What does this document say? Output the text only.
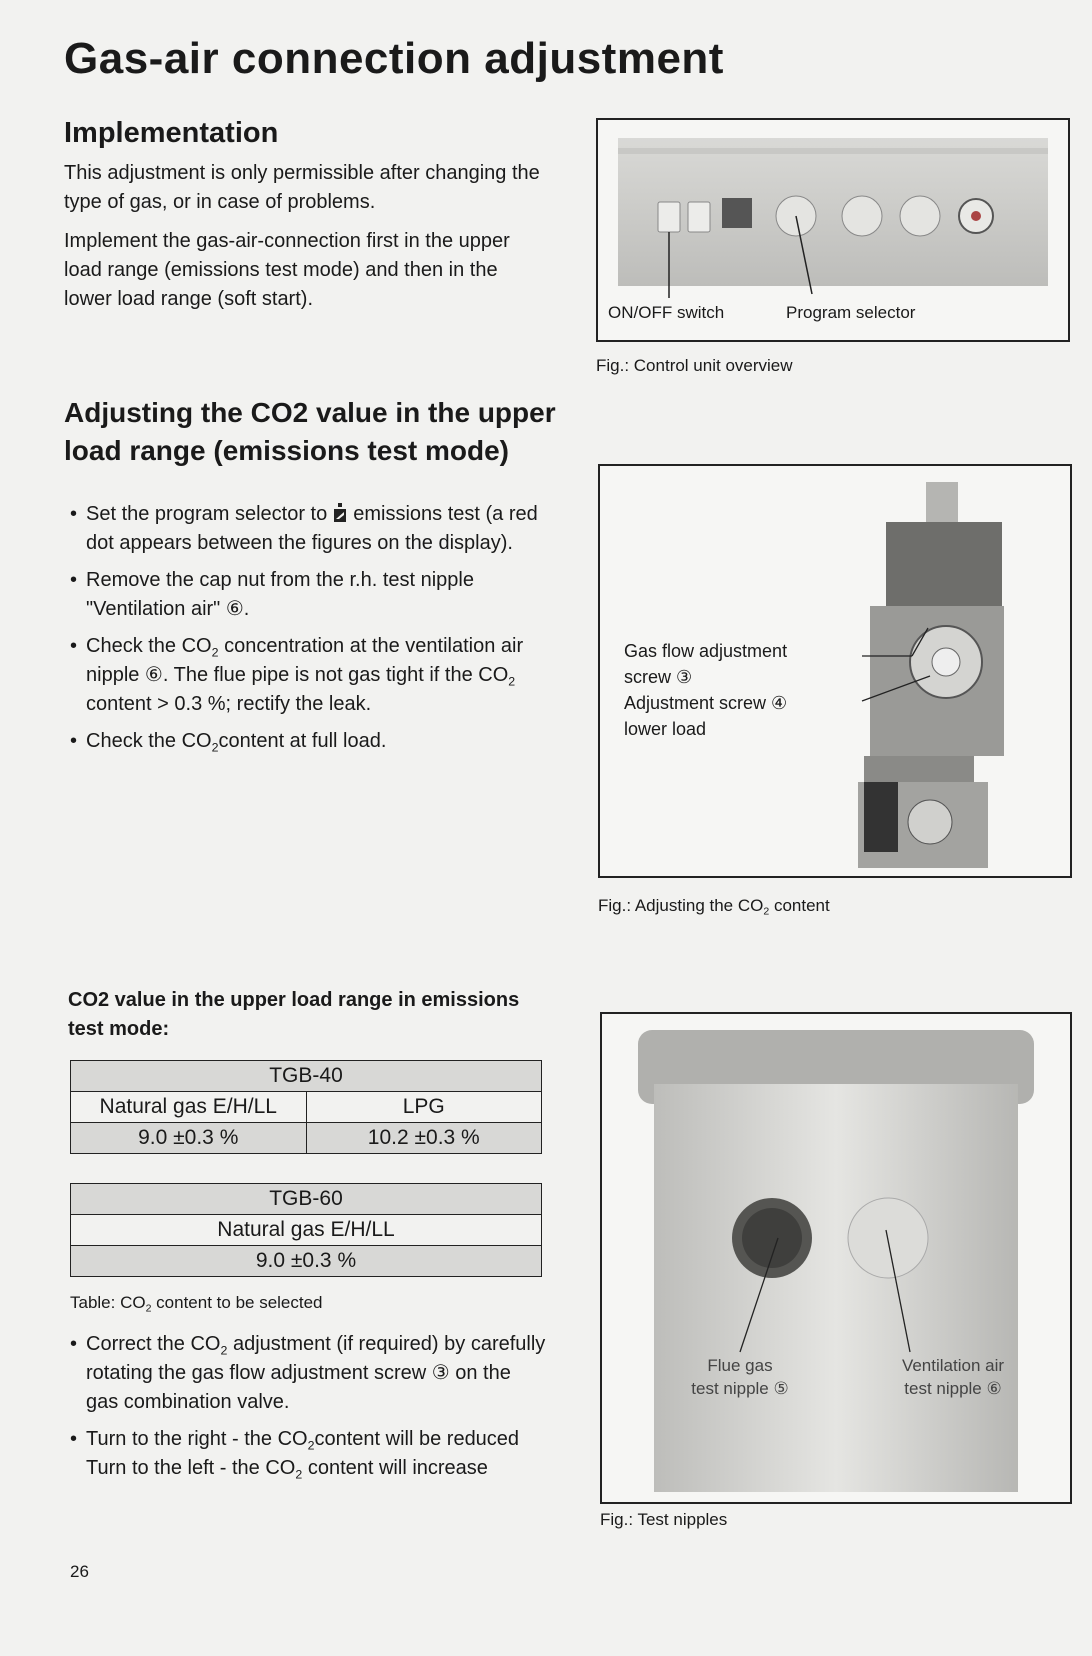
Gas-air connection adjustment
Implementation

This adjustment is only permissible after changing the type of gas, or in case of problems.

Implement the gas-air-connection first in the upper load range (emissions test mode) and then in the lower load range (soft start).

Adjusting the CO2 value in the upper
load range (emissions test mode)
• Set the program selector to emissions test (a red dot appears between the figures on the display).
• Remove the cap nut from the r.h. test nipple "Ventilation air" ⑥.
• Check the $CO_2$ concentration at the ventilation air nipple ⑥. The flue pipe is not gas tight if the $CO_2$ content > 0.3 %; rectify the leak.
• Check the $CO_2content$ at full load.
CO2 value in the upper load range in emissions test mode:
TGB-40	
Natural gas E/H/LL	LPG
9.0 ±0.3 %	10.2 ±0.3 %
TGB-60
Natural gas E/H/LL
9.0 ±0.3 %
Table: $CO_2$ content to be selected
• Correct the $CO_2$ adjustment (if required) by carefully rotating the gas flow adjustment screw ③ on the gas combination valve.
• Turn to the right - the $CO_2content$ will be reduced
Turn to the left - the $CO_2$ content will increase
26
ON/OFF switch	Program selector
Fig.: Control unit overview
Gas flow adjustment
screw ③
Adjustment screw ④
lower load
Fig.: Adjusting the $CO_2$ content
Flue gas
test nipple ⑤
Ventilation air
test nipple ⑥
Fig.: Test nipples
